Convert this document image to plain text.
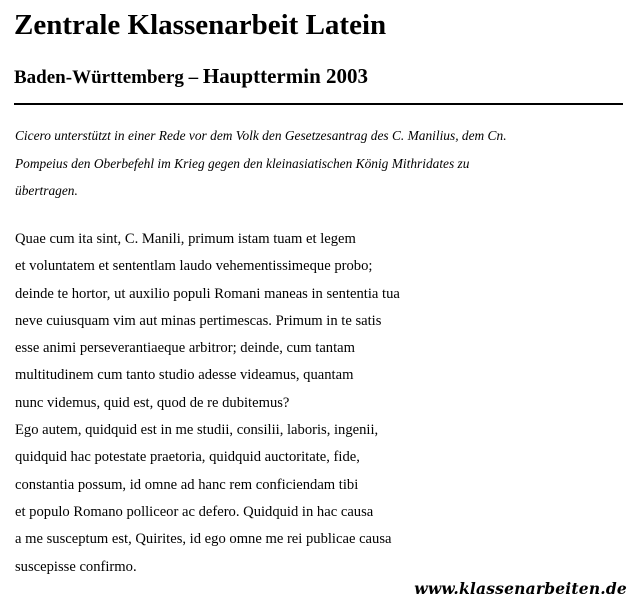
Zentrale Klassenarbeit Latein
Baden-Württemberg – Haupttermin 2003

Cicero unterstützt in einer Rede vor dem Volk den Gesetzesantrag des C. Manilius, dem Cn.
Pompeius den Oberbefehl im Krieg gegen den kleinasiatischen König Mithridates zu
übertragen.

Quae cum ita sint, C. Manili, primum istam tuam et legem
et voluntatem et sententlam laudo vehementissimeque probo;
deinde te hortor, ut auxilio populi Romani maneas in sententia tua
neve cuiusquam vim aut minas pertimescas. Primum in te satis
esse animi perseverantiaeque arbitror; deinde, cum tantam
multitudinem cum tanto studio adesse videamus, quantam
nunc videmus, quid est, quod de re dubitemus?
Ego autem, quidquid est in me studii, consilii, laboris, ingenii,
quidquid hac potestate praetoria, quidquid auctoritate, fide,
constantia possum, id omne ad hanc rem conficiendam tibi
et populo Romano polliceor ac defero. Quidquid in hac causa
a me susceptum est, Quirites, id ego omne me rei publicae causa
suscepisse confirmo.

www.klassenarbeiten.de
